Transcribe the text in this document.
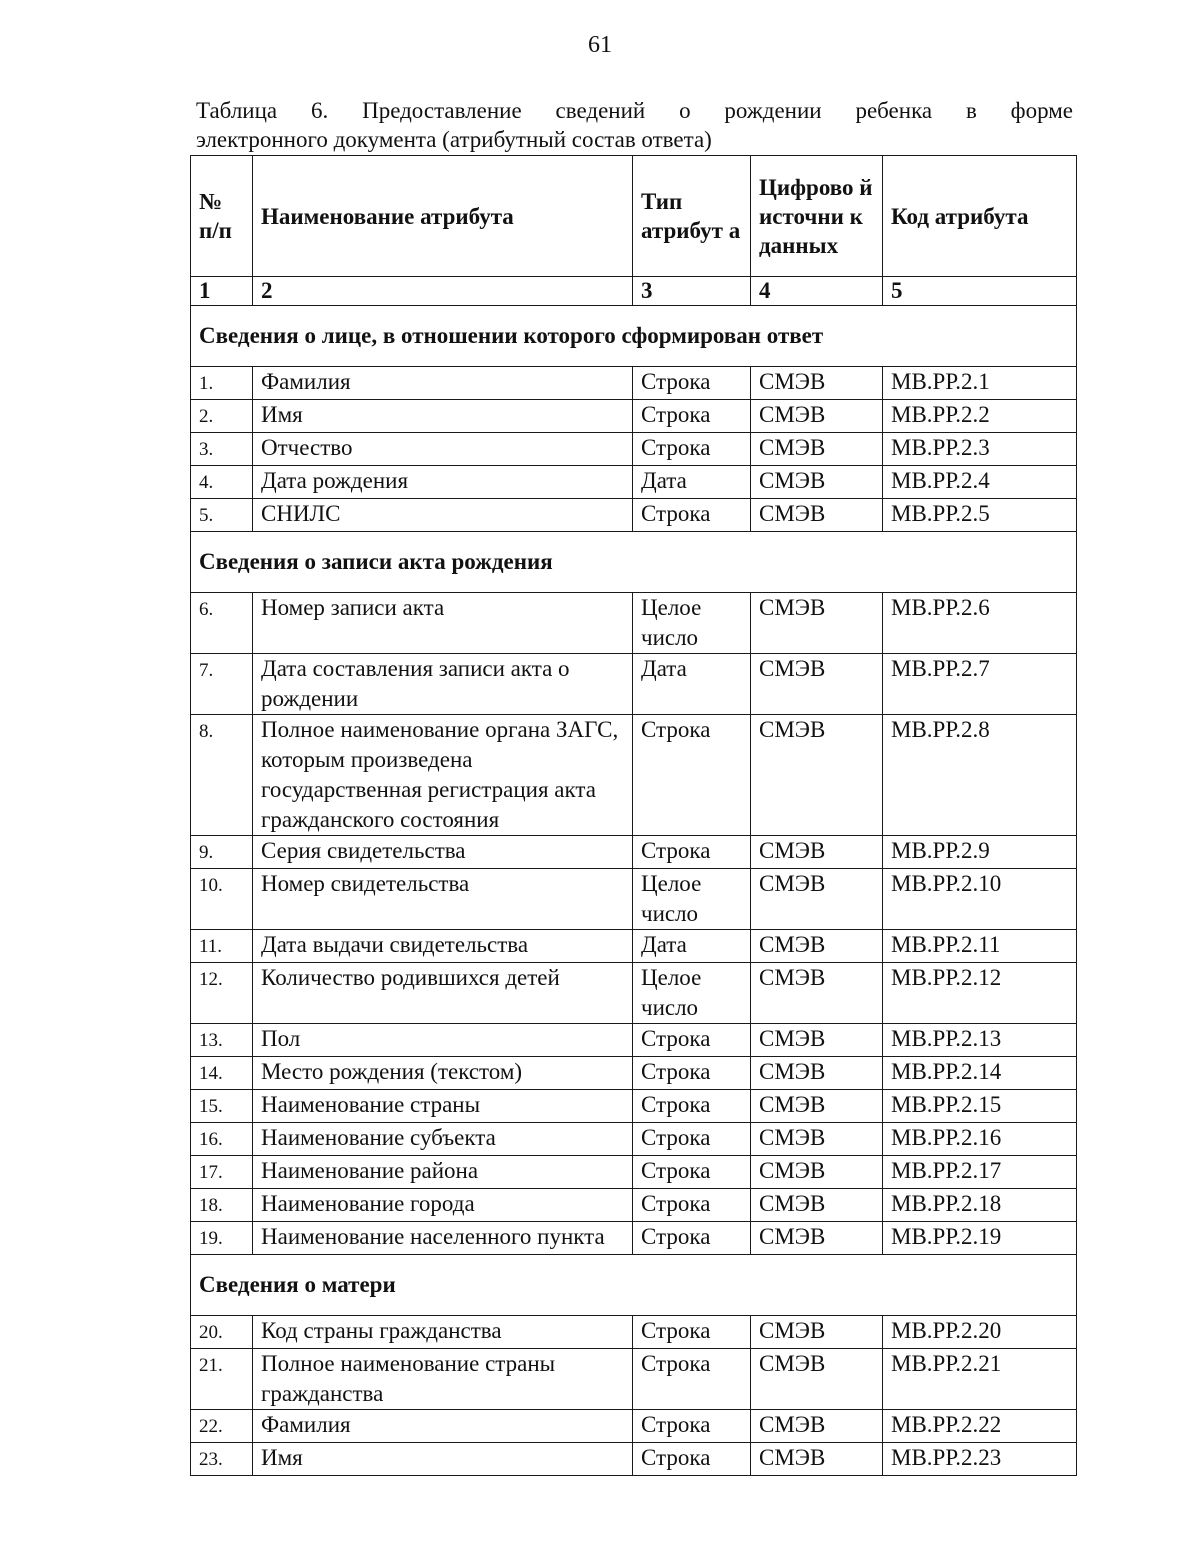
61
Таблица 6. Предоставление сведений о рождении ребенка в форме
электронного документа (атрибутный состав ответа)
№ п/п	Наименование атрибута	Тип атрибут а	Цифрово й источни к данных	Код атрибута
1	2	3	4	5
Сведения о лице, в отношении которого сформирован ответ				
1.	Фамилия	Строка	СМЭВ	МВ.РР.2.1
2.	Имя	Строка	СМЭВ	МВ.РР.2.2
3.	Отчество	Строка	СМЭВ	МВ.РР.2.3
4.	Дата рождения	Дата	СМЭВ	МВ.РР.2.4
5.	СНИЛС	Строка	СМЭВ	МВ.РР.2.5
Сведения о записи акта рождения				
6.	Номер записи акта	Целое число	СМЭВ	МВ.РР.2.6
7.	Дата составления записи акта о рождении	Дата	СМЭВ	МВ.РР.2.7
8.	Полное наименование органа ЗАГС, которым произведена государственная регистрация акта гражданского состояния	Строка	СМЭВ	МВ.РР.2.8
9.	Серия свидетельства	Строка	СМЭВ	МВ.РР.2.9
10.	Номер свидетельства	Целое число	СМЭВ	МВ.РР.2.10
11.	Дата выдачи свидетельства	Дата	СМЭВ	МВ.РР.2.11
12.	Количество родившихся детей	Целое число	СМЭВ	МВ.РР.2.12
13.	Пол	Строка	СМЭВ	МВ.РР.2.13
14.	Место рождения (текстом)	Строка	СМЭВ	МВ.РР.2.14
15.	Наименование страны	Строка	СМЭВ	МВ.РР.2.15
16.	Наименование субъекта	Строка	СМЭВ	МВ.РР.2.16
17.	Наименование района	Строка	СМЭВ	МВ.РР.2.17
18.	Наименование города	Строка	СМЭВ	МВ.РР.2.18
19.	Наименование населенного пункта	Строка	СМЭВ	МВ.РР.2.19
Сведения о матери				
20.	Код страны гражданства	Строка	СМЭВ	МВ.РР.2.20
21.	Полное наименование страны гражданства	Строка	СМЭВ	МВ.РР.2.21
22.	Фамилия	Строка	СМЭВ	МВ.РР.2.22
23.	Имя	Строка	СМЭВ	МВ.РР.2.23
